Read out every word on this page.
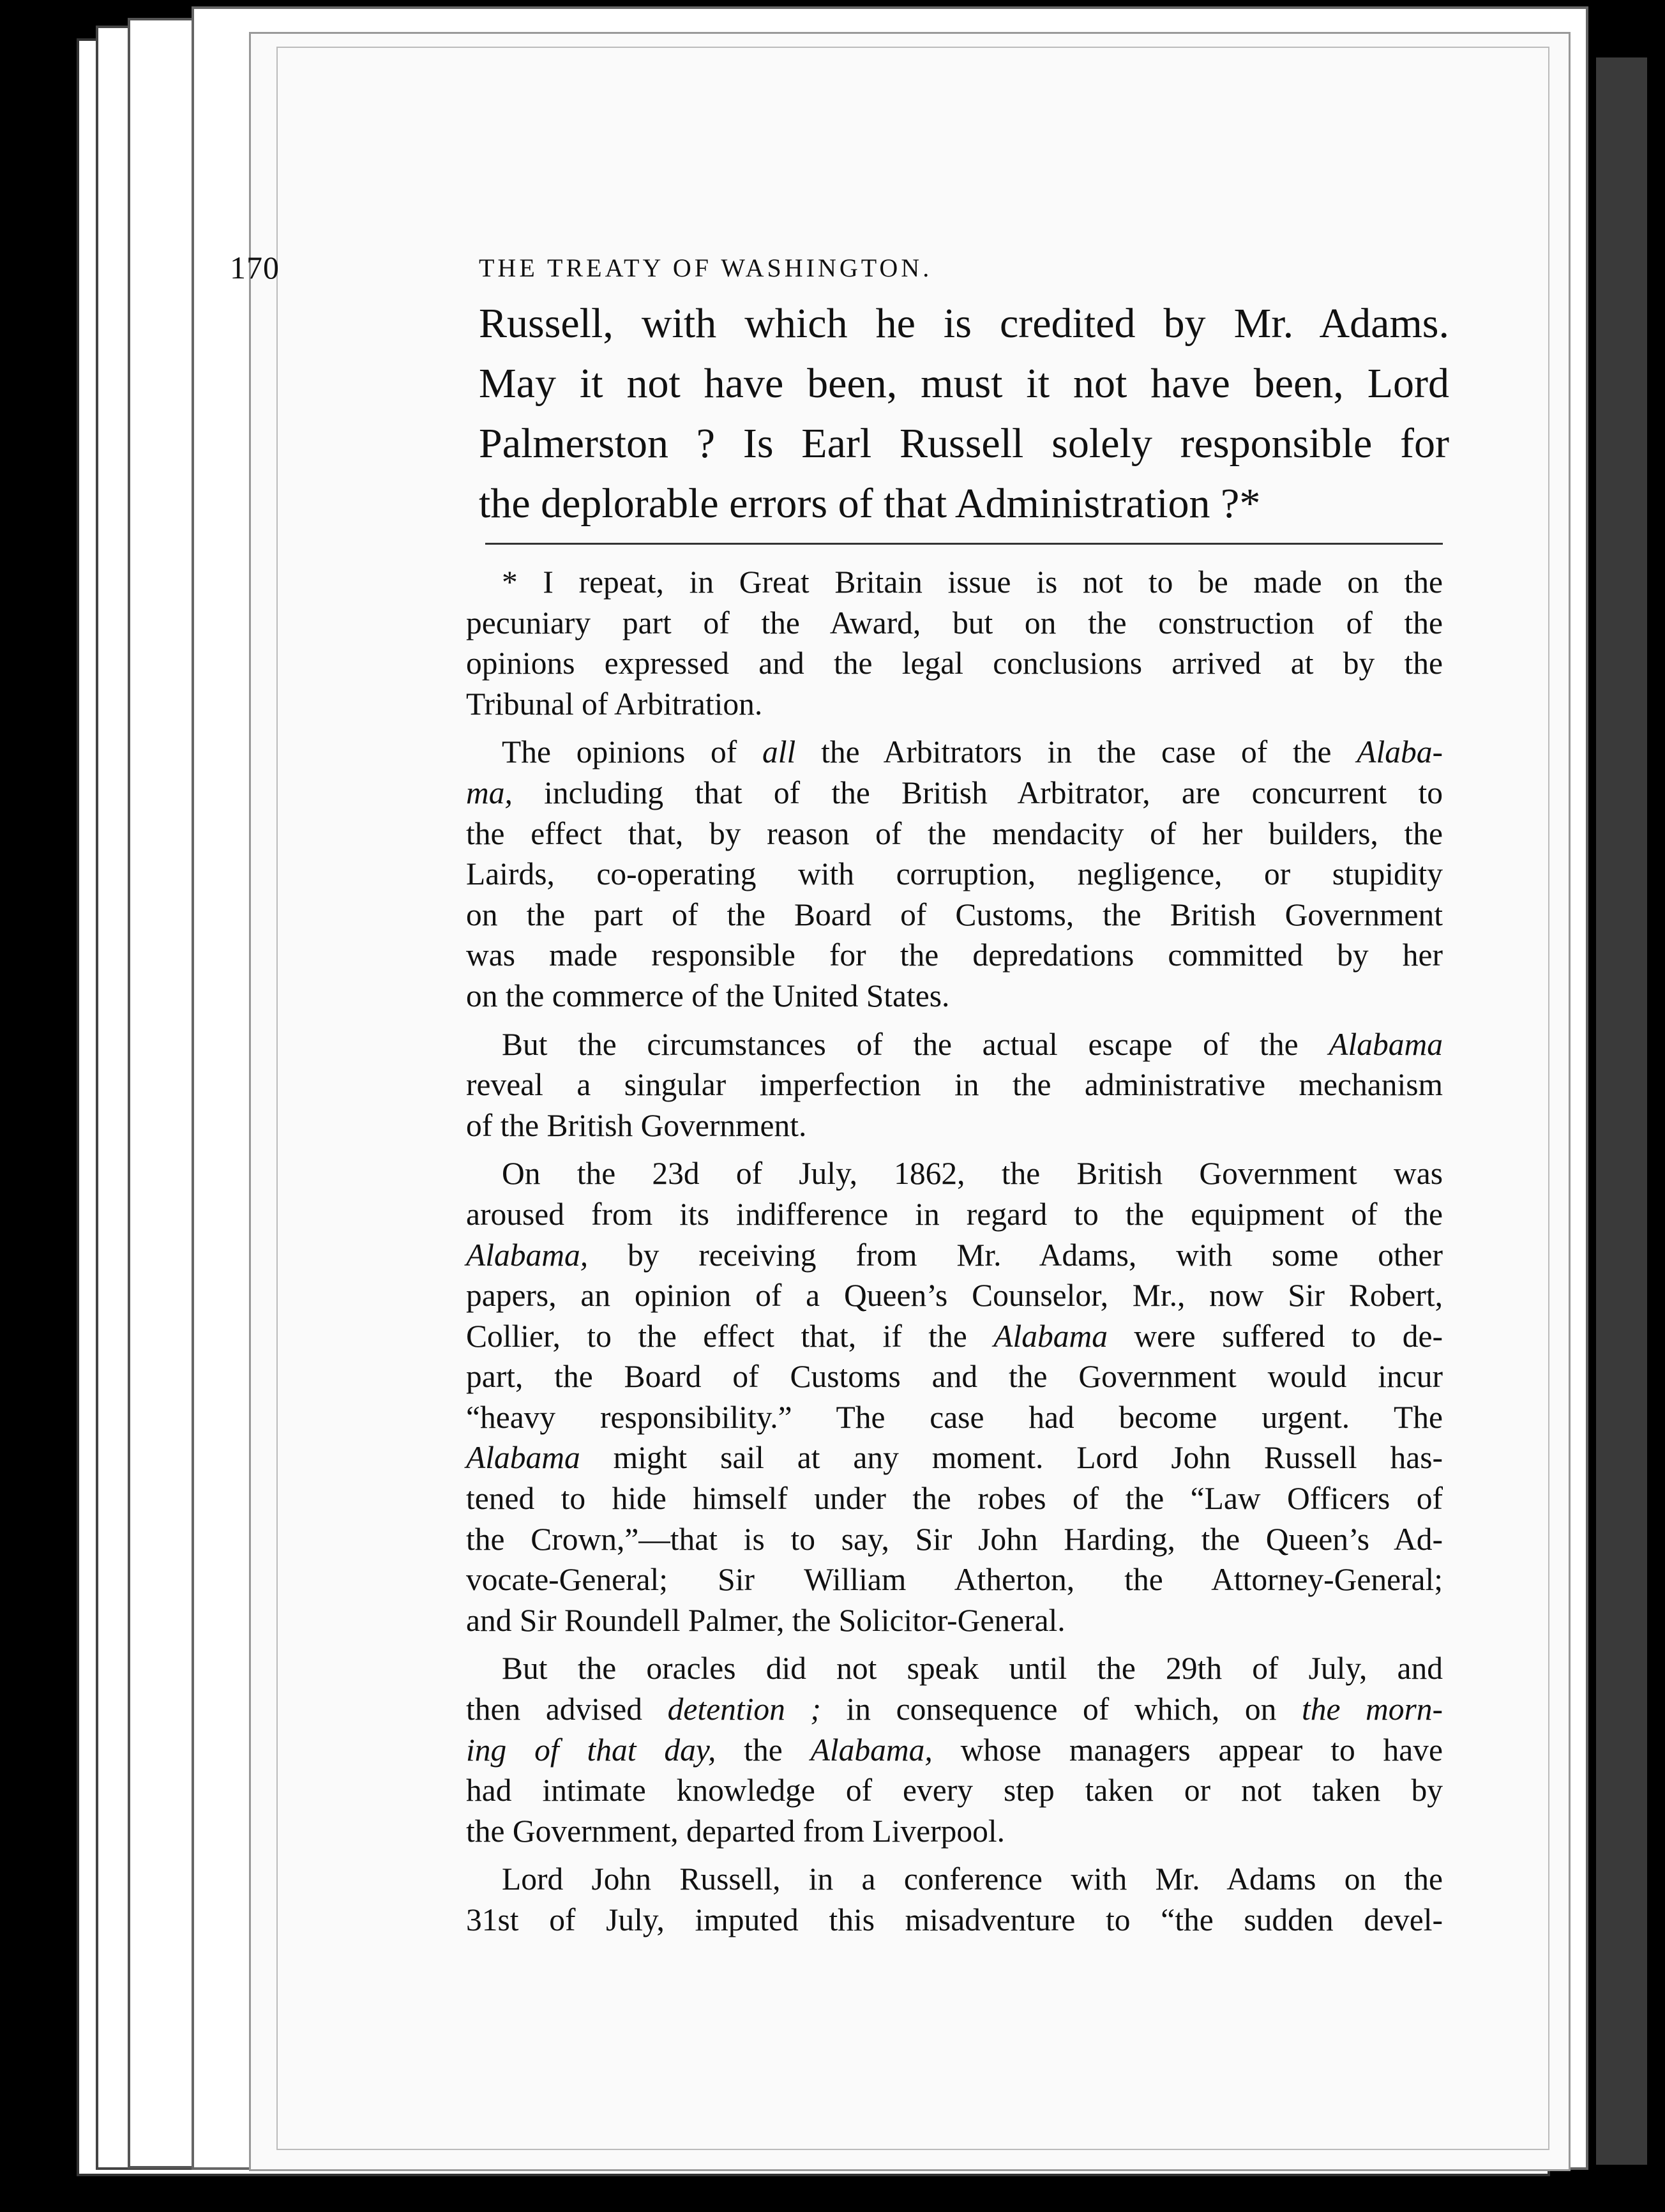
170	THE TREATY OF WASHINGTON.
Russell, with which he is credited by Mr. Adams.
May it not have been, must it not have been, Lord
Palmerston ? Is Earl Russell solely responsible for
the deplorable errors of that Administration ?*
* I repeat, in Great Britain issue is not to be made on the
pecuniary part of the Award, but on the construction of the
opinions expressed and the legal conclusions arrived at by the
Tribunal of Arbitration.
The opinions of all the Arbitrators in the case of the Alaba-
ma, including that of the British Arbitrator, are concurrent to
the effect that, by reason of the mendacity of her builders, the
Lairds, co-operating with corruption, negligence, or stupidity
on the part of the Board of Customs, the British Government
was made responsible for the depredations committed by her
on the commerce of the United States.
But the circumstances of the actual escape of the Alabama
reveal a singular imperfection in the administrative mechanism
of the British Government.
On the 23d of July, 1862, the British Government was
aroused from its indifference in regard to the equipment of the
Alabama, by receiving from Mr. Adams, with some other
papers, an opinion of a Queen’s Counselor, Mr., now Sir Robert,
Collier, to the effect that, if the Alabama were suffered to de-
part, the Board of Customs and the Government would incur
“heavy responsibility.” The case had become urgent. The
Alabama might sail at any moment. Lord John Russell has-
tened to hide himself under the robes of the “Law Officers of
the Crown,”—that is to say, Sir John Harding, the Queen’s Ad-
vocate-General; Sir William Atherton, the Attorney-General;
and Sir Roundell Palmer, the Solicitor-General.
But the oracles did not speak until the 29th of July, and
then advised detention ; in consequence of which, on the morn-
ing of that day, the Alabama, whose managers appear to have
had intimate knowledge of every step taken or not taken by
the Government, departed from Liverpool.
Lord John Russell, in a conference with Mr. Adams on the
31st of July, imputed this misadventure to “the sudden devel-
